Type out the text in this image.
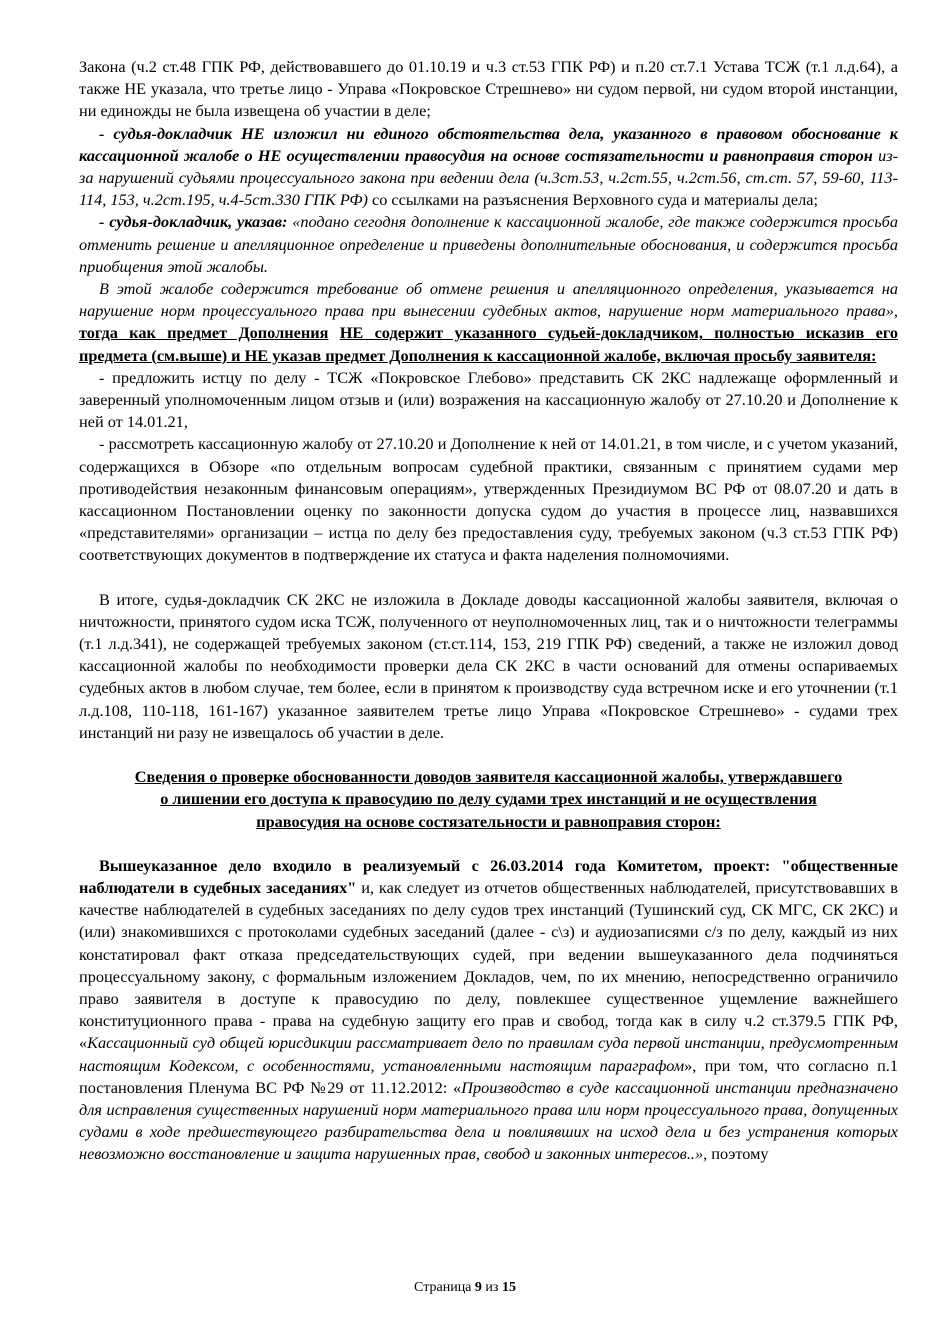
Закона (ч.2 ст.48 ГПК РФ, действовавшего до 01.10.19 и ч.3 ст.53 ГПК РФ) и п.20 ст.7.1 Устава ТСЖ (т.1 л.д.64), а также НЕ указала, что третье лицо - Управа «Покровское Стрешнево» ни судом первой, ни судом второй инстанции, ни единожды не была извещена об участии в деле;

- судья-докладчик НЕ изложил ни единого обстоятельства дела, указанного в правовом обоснование к кассационной жалобе о НЕ осуществлении правосудия на основе состязательности и равноправия сторон из-за нарушений судьями процессуального закона при ведении дела (ч.3ст.53, ч.2ст.55, ч.2ст.56, ст.ст. 57, 59-60, 113-114, 153, ч.2ст.195, ч.4-5ст.330 ГПК РФ) со ссылками на разъяснения Верховного суда и материалы дела;

- судья-докладчик, указав: «подано сегодня дополнение к кассационной жалобе, где также содержится просьба отменить решение и апелляционное определение и приведены дополнительные обоснования, и содержится просьба приобщения этой жалобы.

В этой жалобе содержится требование об отмене решения и апелляционного определения, указывается на нарушение норм процессуального права при вынесении судебных актов, нарушение норм материального права», тогда как предмет Дополнения НЕ содержит указанного судьей-докладчиком, полностью исказив его предмета (см.выше) и НЕ указав предмет Дополнения к кассационной жалобе, включая просьбу заявителя:

- предложить истцу по делу - ТСЖ «Покровское Глебово» представить СК 2КС надлежаще оформленный и заверенный уполномоченным лицом отзыв и (или) возражения на кассационную жалобу от 27.10.20 и Дополнение к ней от 14.01.21,

- рассмотреть кассационную жалобу от 27.10.20 и Дополнение к ней от 14.01.21, в том числе, и с учетом указаний, содержащихся в Обзоре «по отдельным вопросам судебной практики, связанным с принятием судами мер противодействия незаконным финансовым операциям», утвержденных Президиумом ВС РФ от 08.07.20 и дать в кассационном Постановлении оценку по законности допуска судом до участия в процессе лиц, назвавшихся «представителями» организации – истца по делу без предоставления суду, требуемых законом (ч.3 ст.53 ГПК РФ) соответствующих документов в подтверждение их статуса и факта наделения полномочиями.

В итоге, судья-докладчик СК 2КС не изложила в Докладе доводы кассационной жалобы заявителя, включая о ничтожности, принятого судом иска ТСЖ, полученного от неуполномоченных лиц, так и о ничтожности телеграммы (т.1 л.д.341), не содержащей требуемых законом (ст.ст.114, 153, 219 ГПК РФ) сведений, а также не изложил довод кассационной жалобы по необходимости проверки дела СК 2КС в части оснований для отмены оспариваемых судебных актов в любом случае, тем более, если в принятом к производству суда встречном иске и его уточнении (т.1 л.д.108, 110-118, 161-167) указанное заявителем третье лицо Управа «Покровское Стрешнево» - судами трех инстанций ни разу не извещалось об участии в деле.

Сведения о проверке обоснованности доводов заявителя кассационной жалобы, утверждавшего

о лишении его доступа к правосудию по делу судами трех инстанций и не осуществления

правосудия на основе состязательности и равноправия сторон:

Вышеуказанное дело входило в реализуемый с 26.03.2014 года Комитетом, проект: "общественные наблюдатели в судебных заседаниях" и, как следует из отчетов общественных наблюдателей, присутствовавших в качестве наблюдателей в судебных заседаниях по делу судов трех инстанций (Тушинский суд, СК МГС, СК 2КС) и (или) знакомившихся с протоколами судебных заседаний (далее - с\з) и аудиозаписями с/з по делу, каждый из них констатировал факт отказа председательствующих судей, при ведении вышеуказанного дела подчиняться процессуальному закону, с формальным изложением Докладов, чем, по их мнению, непосредственно ограничило право заявителя в доступе к правосудию по делу, повлекшее существенное ущемление важнейшего конституционного права - права на судебную защиту его прав и свобод, тогда как в силу ч.2 ст.379.5 ГПК РФ, «Кассационный суд общей юрисдикции рассматривает дело по правилам суда первой инстанции, предусмотренным настоящим Кодексом, с особенностями, установленными настоящим параграфом», при том, что согласно п.1 постановления Пленума ВС РФ №29 от 11.12.2012: «Производство в суде кассационной инстанции предназначено для исправления существенных нарушений норм материального права или норм процессуального права, допущенных судами в ходе предшествующего разбирательства дела и повлиявших на исход дела и без устранения которых невозможно восстановление и защита нарушенных прав, свобод и законных интересов..», поэтому

Страница 9 из 15
